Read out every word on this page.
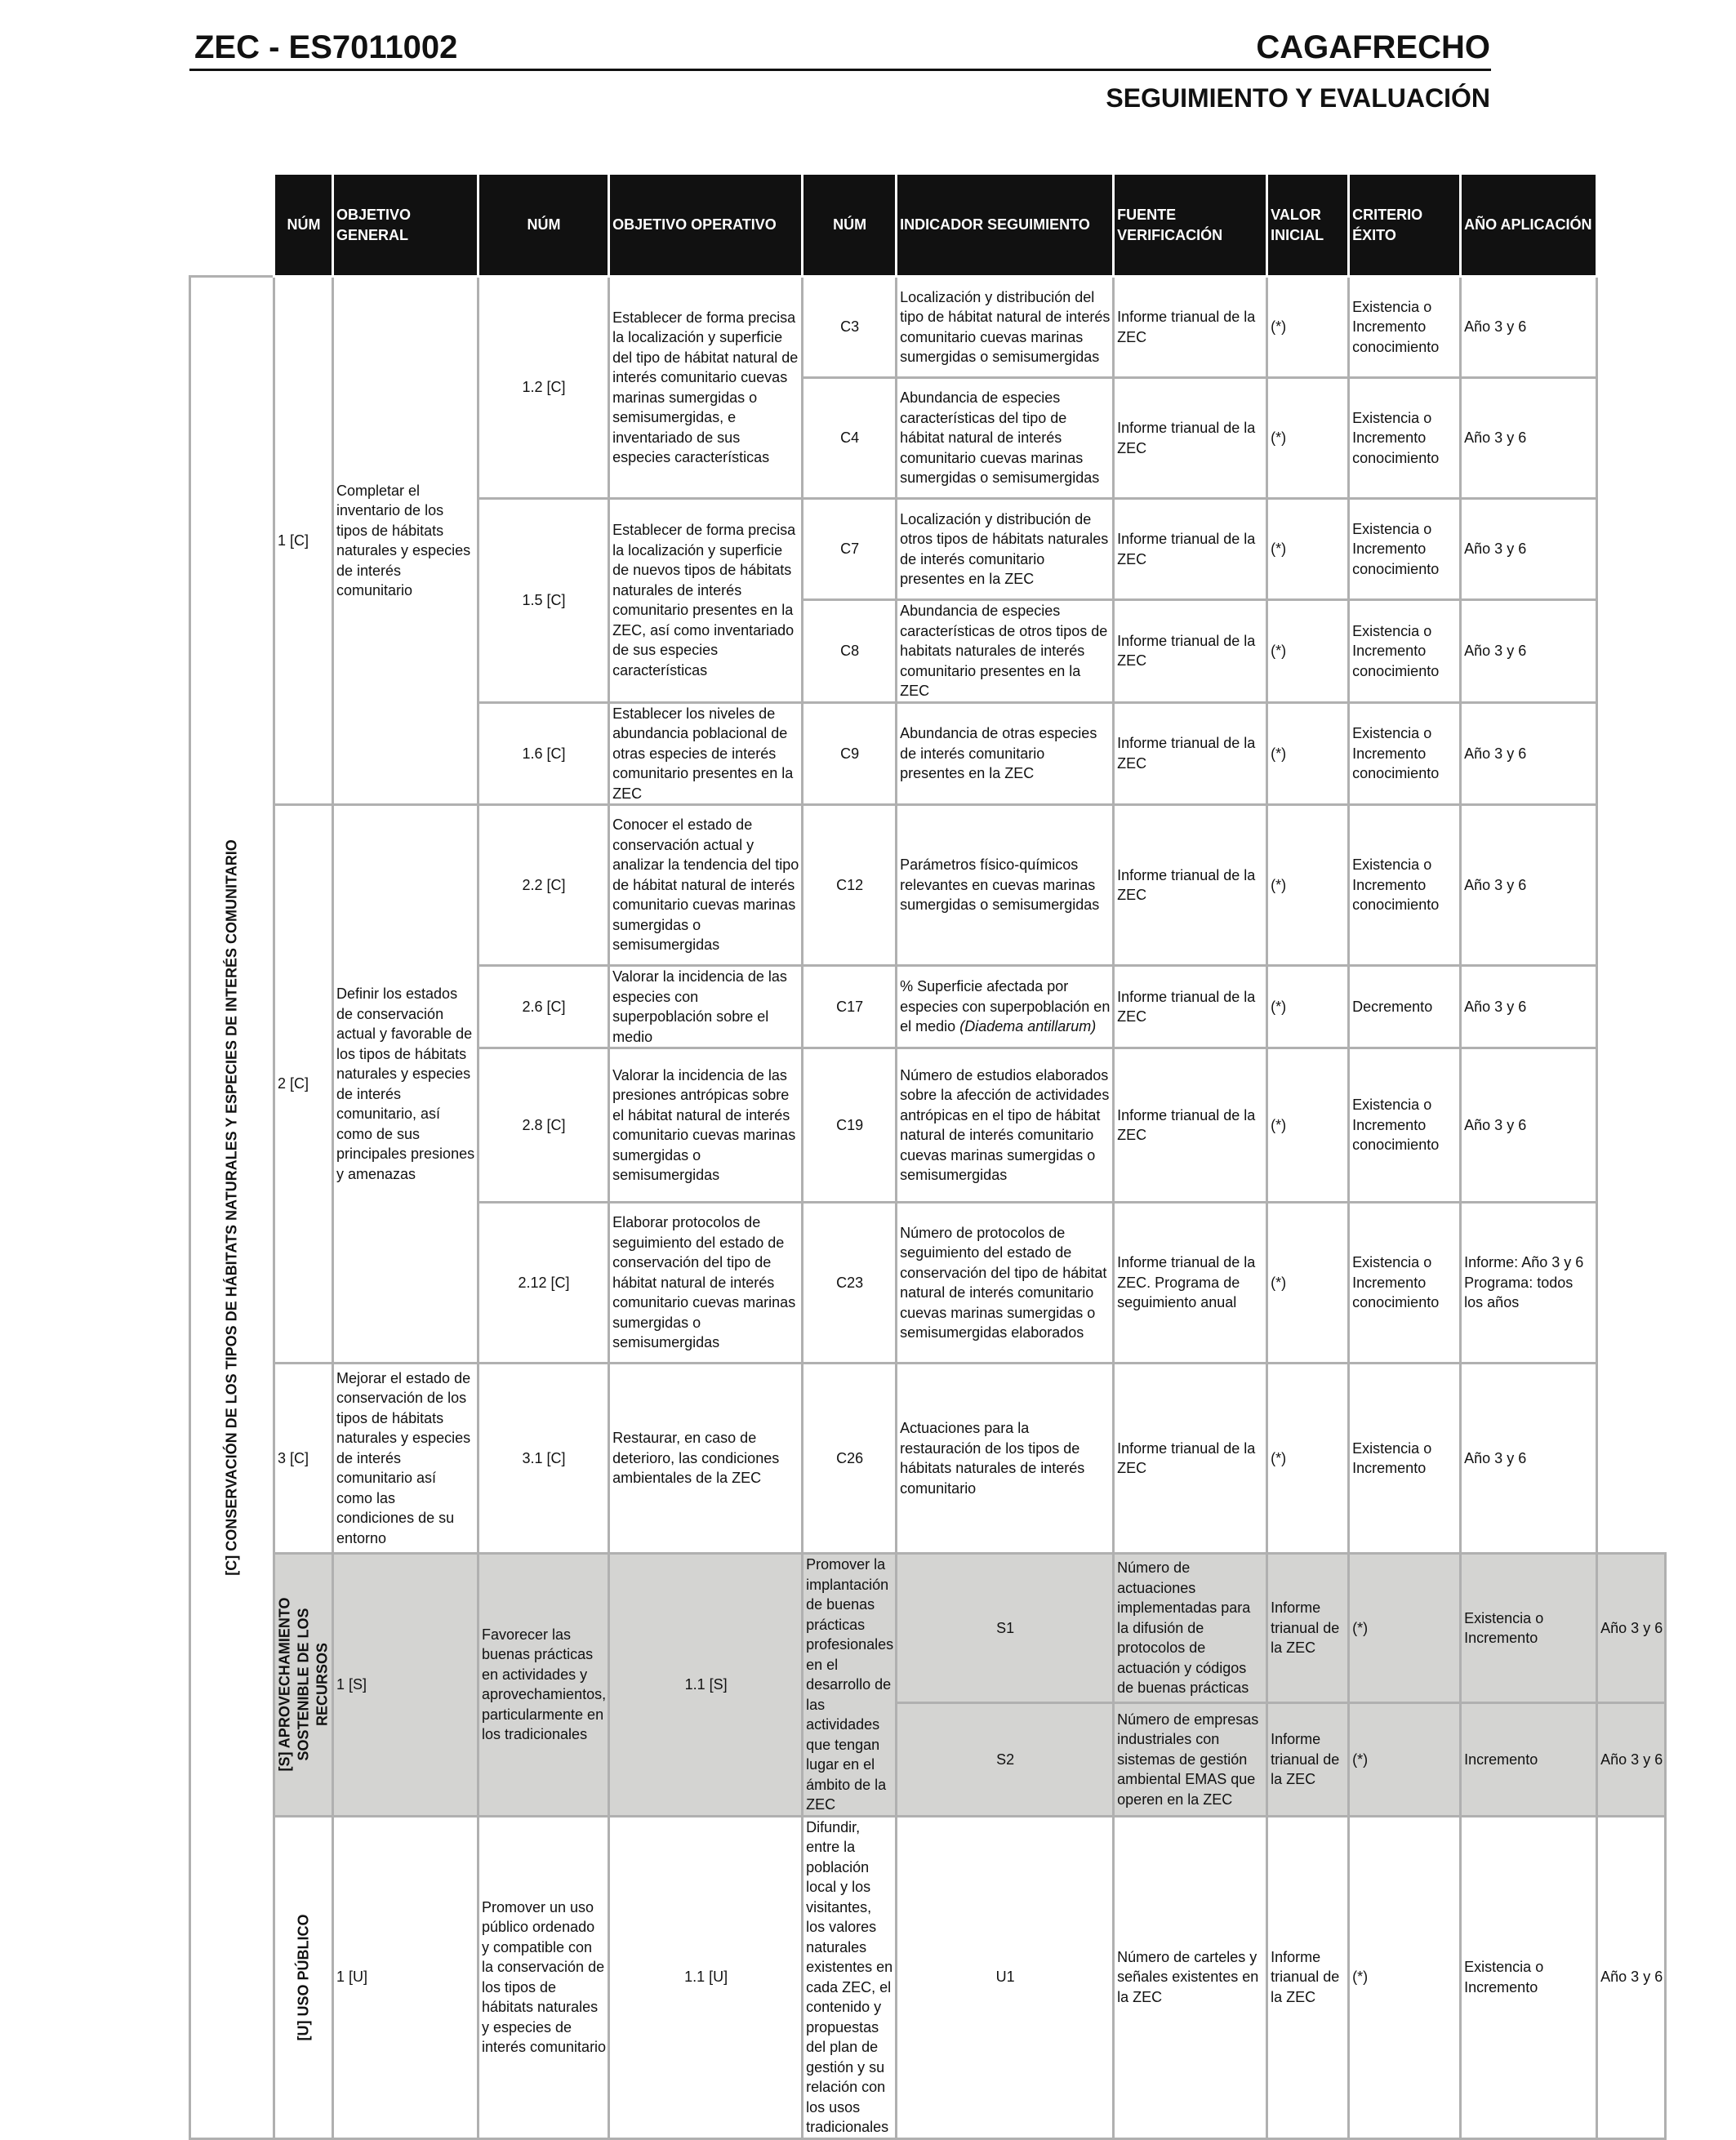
ZEC - ES7011002	CAGAFRECHO
SEGUIMIENTO Y EVALUACIÓN
	NÚM	OBJETIVO GENERAL	NÚM	OBJETIVO OPERATIVO	NÚM	INDICADOR SEGUIMIENTO	FUENTE VERIFICACIÓN	VALOR INICIAL	CRITERIO ÉXITO	AÑO APLICACIÓN	

[C] CONSERVACIÓN DE LOS TIPOS DE HÁBITATS NATURALES Y ESPECIES DE INTERÉS COMUNITARIO	1 [C]	Completar el inventario de los tipos de hábitats naturales y especies de interés comunitario	1.2 [C]	Establecer de forma precisa la localización y superficie del tipo de hábitat natural de interés comunitario cuevas marinas sumergidas o semisumergidas, e inventariado de sus especies características	C3	Localización y distribución del tipo de hábitat natural de interés comunitario cuevas marinas sumergidas o semisumergidas	Informe trianual de la ZEC	(*)	Existencia o Incremento conocimiento	Año 3 y 6	
					C4	Abundancia de especies características del tipo de hábitat natural de interés comunitario cuevas marinas sumergidas o semisumergidas	Informe trianual de la ZEC	(*)	Existencia o Incremento conocimiento	Año 3 y 6	
			1.5 [C]	Establecer de forma precisa la localización y superficie de nuevos tipos de hábitats naturales de interés comunitario presentes en la ZEC, así como inventariado de sus especies características	C7	Localización y distribución de otros tipos de hábitats naturales de interés comunitario presentes en la ZEC	Informe trianual de la ZEC	(*)	Existencia o Incremento conocimiento	Año 3 y 6	
					C8	Abundancia de especies características de otros tipos de habitats naturales de interés comunitario presentes en la ZEC	Informe trianual de la ZEC	(*)	Existencia o Incremento conocimiento	Año 3 y 6	
			1.6 [C]	Establecer los niveles de abundancia poblacional de otras especies de interés comunitario presentes en la ZEC	C9	Abundancia de otras especies de interés comunitario presentes en la ZEC	Informe trianual de la ZEC	(*)	Existencia o Incremento conocimiento	Año 3 y 6	
	2 [C]	Definir los estados de conservación actual y favorable de los tipos de hábitats naturales y especies de interés comunitario, así como de sus principales presiones y amenazas	2.2 [C]	Conocer el estado de conservación actual y analizar la tendencia del tipo de hábitat natural de interés comunitario cuevas marinas sumergidas o semisumergidas	C12	Parámetros físico-químicos relevantes en cuevas marinas sumergidas o semisumergidas	Informe trianual de la ZEC	(*)	Existencia o Incremento conocimiento	Año 3 y 6	
			2.6 [C]	Valorar la incidencia de las especies con superpoblación sobre el medio	C17	% Superficie afectada por especies con superpoblación en el medio (Diadema antillarum)	Informe trianual de la ZEC	(*)	Decremento	Año 3 y 6	
			2.8 [C]	Valorar la incidencia de las presiones antrópicas sobre el hábitat natural de interés comunitario cuevas marinas sumergidas o semisumergidas	C19	Número de estudios elaborados sobre la afección de actividades antrópicas en el tipo de hábitat natural de interés comunitario cuevas marinas sumergidas o semisumergidas	Informe trianual de la ZEC	(*)	Existencia o Incremento conocimiento	Año 3 y 6	
			2.12 [C]	Elaborar protocolos de seguimiento del estado de conservación del tipo de hábitat natural de interés comunitario cuevas marinas sumergidas o semisumergidas	C23	Número de protocolos de seguimiento del estado de conservación del tipo de hábitat natural de interés comunitario cuevas marinas sumergidas o semisumergidas elaborados	Informe trianual de la ZEC. Programa de seguimiento anual	(*)	Existencia o Incremento conocimiento	Informe: Año 3 y 6 Programa: todos los años	
	3 [C]	Mejorar el estado de conservación de los tipos de hábitats naturales y especies de interés comunitario así como las condiciones de su entorno	3.1 [C]	Restaurar, en caso de deterioro, las condiciones ambientales de la ZEC	C26	Actuaciones para la restauración de los tipos de hábitats naturales de interés comunitario	Informe trianual de la ZEC	(*)	Existencia o Incremento	Año 3 y 6	

	[S] APROVECHAMIENTO SOSTENIBLE DE LOS RECURSOS	1 [S]	Favorecer las buenas prácticas en actividades y aprovechamientos, particularmente en los tradicionales	1.1 [S]	Promover la implantación de buenas prácticas profesionales en el desarrollo de las actividades que tengan lugar en el ámbito de la ZEC	S1	Número de actuaciones implementadas para la difusión de protocolos de actuación y códigos de buenas prácticas	Informe trianual de la ZEC	(*)	Existencia o Incremento	Año 3 y 6
						S2	Número de empresas industriales con sistemas de gestión ambiental EMAS que operen en la ZEC	Informe trianual de la ZEC	(*)	Incremento	Año 3 y 6

	[U] USO PÚBLICO	1 [U]	Promover un uso público ordenado y compatible con la conservación de los tipos de hábitats naturales y especies de interés comunitario	1.1 [U]	Difundir, entre la población local y los visitantes, los valores naturales existentes en cada ZEC, el contenido y propuestas del plan de gestión y su relación con los usos tradicionales	U1	Número de carteles y señales existentes en la ZEC	Informe trianual de la ZEC	(*)	Existencia o Incremento	Año 3 y 6
